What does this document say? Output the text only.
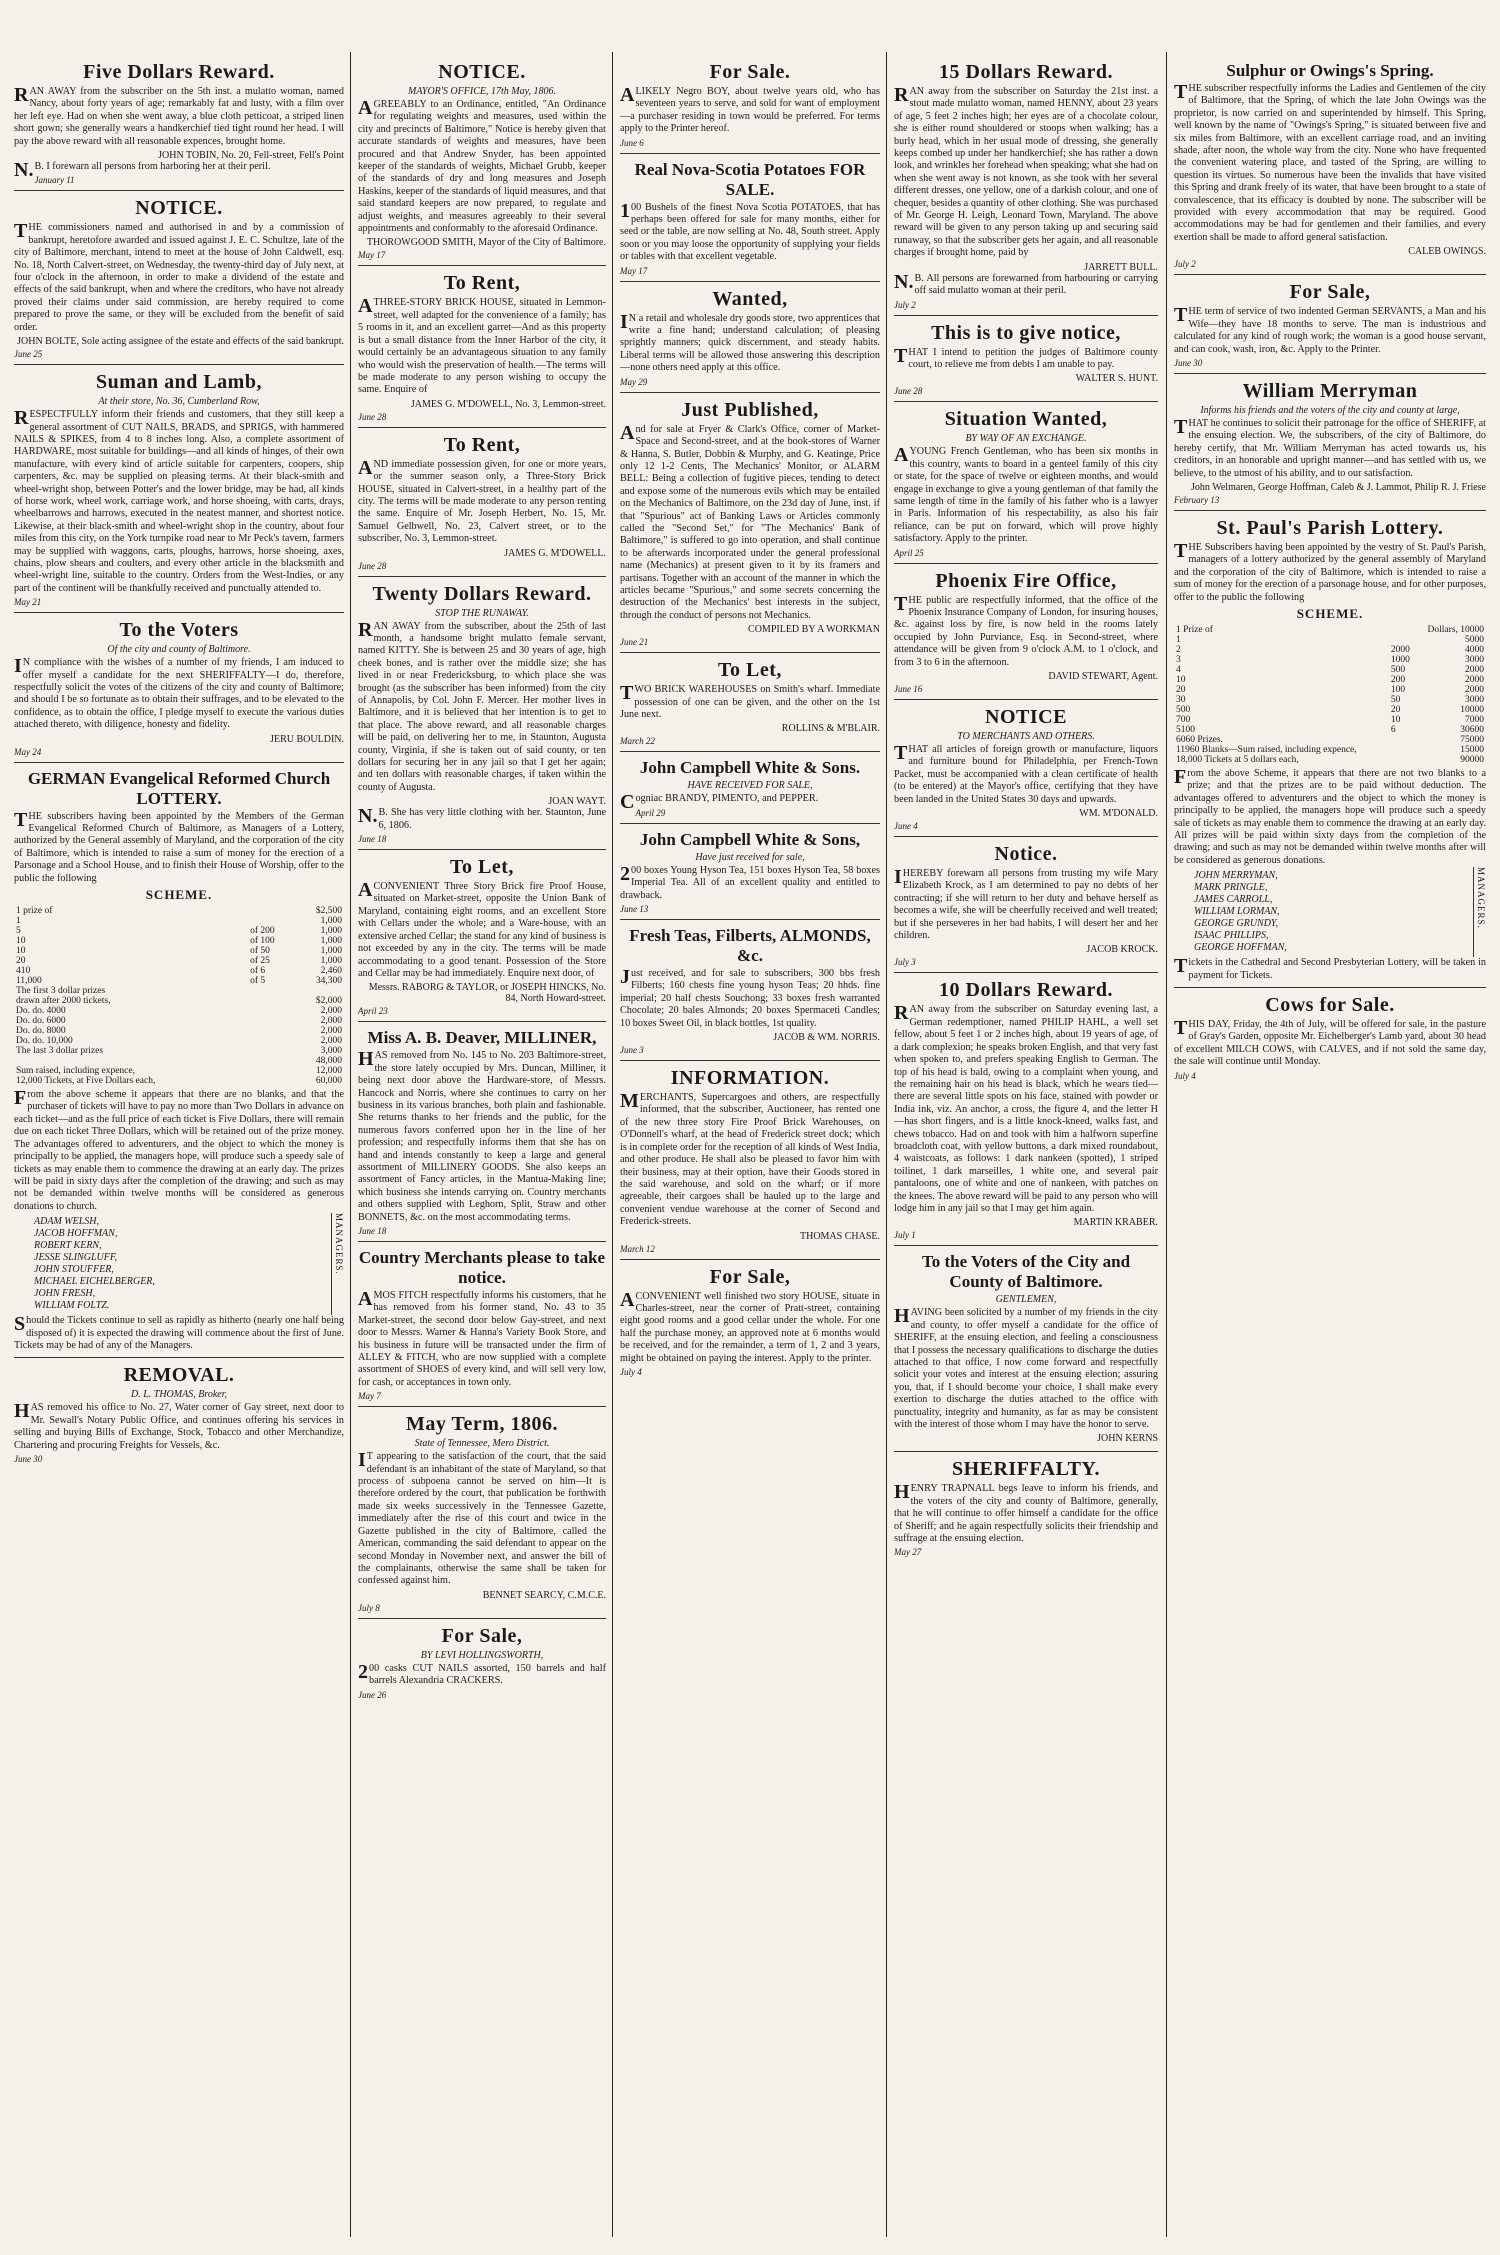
Five Dollars Reward.

RAN AWAY from the subscriber on the 5th inst. a mulatto woman, named Nancy, about forty years of age; remarkably fat and lusty, with a film over her left eye. Had on when she went away, a blue cloth petticoat, a striped linen short gown; she generally wears a handkerchief tied tight round her head. I will pay the above reward with all reasonable expences, brought home.

JOHN TOBIN, No. 20, Fell-street, Fell's Point

N.B. I forewarn all persons from harboring her at their peril.

January 11
NOTICE.

THE commissioners named and authorised in and by a commission of bankrupt, heretofore awarded and issued against J. E. C. Schultze, late of the city of Baltimore, merchant, intend to meet at the house of John Caldwell, esq. No. 18, North Calvert-street, on Wednesday, the twenty-third day of July next, at four o'clock in the afternoon, in order to make a dividend of the estate and effects of the said bankrupt, when and where the creditors, who have not already proved their claims under said commission, are hereby required to come prepared to prove the same, or they will be excluded from the benefit of said order.

JOHN BOLTE, Sole acting assignee of the estate and effects of the said bankrupt.
June 25
Suman and Lamb,
At their store, No. 36, Cumberland Row,

RESPECTFULLY inform their friends and customers, that they still keep a general assortment of CUT NAILS, BRADS, and SPRIGS, with hammered NAILS & SPIKES, from 4 to 8 inches long. Also, a complete assortment of HARDWARE, most suitable for buildings—and all kinds of hinges, of their own manufacture, with every kind of article suitable for carpenters, coopers, ship carpenters, &c. may be supplied on pleasing terms. At their black-smith and wheel-wright shop, between Potter's and the lower bridge, may be had, all kinds of horse work, wheel work, carriage work, and horse shoeing, with carts, drays, wheelbarrows and harrows, executed in the neatest manner, and shortest notice. Likewise, at their black-smith and wheel-wright shop in the country, about four miles from this city, on the York turnpike road near to Mr Peck's tavern, farmers may be supplied with waggons, carts, ploughs, harrows, horse shoeing, axes, chains, plow shears and coulters, and every other article in the blacksmith and wheel-wright line, suitable to the country. Orders from the West-Indies, or any part of the continent will be thankfully received and punctually attended to.

May 21
To the Voters
Of the city and county of Baltimore.

IN compliance with the wishes of a number of my friends, I am induced to offer myself a candidate for the next SHERIFFALTY—I do, therefore, respectfully solicit the votes of the citizens of the city and county of Baltimore; and should I be so fortunate as to obtain their suffrages, and to be elevated to the confidence, as to obtain the office, I pledge myself to execute the various duties attached thereto, with diligence, honesty and fidelity.

JERU BOULDIN.
May 24
GERMAN Evangelical Reformed Church LOTTERY.

THE subscribers having been appointed by the Members of the German Evangelical Reformed Church of Baltimore, as Managers of a Lottery, authorized by the General assembly of Maryland, and the corporation of the city of Baltimore, which is intended to raise a sum of money for the erection of a Parsonage and a School House, and to finish their House of Worship, offer to the public the following

SCHEME.
1 prize of		$2,500
1		1,000
5	of 200	1,000
10	of 100	1,000
10	of 50	1,000
20	of 25	1,000
410	of 6	2,460
11,000	of 5	34,300
The first 3 dollar prizes		
drawn after 2000 tickets,		$2,000
Do. do. 4000		2,000
Do. do. 6000		2,000
Do. do. 8000		2,000
Do. do. 10,000		2,000
The last 3 dollar prizes		3,000
		48,000
Sum raised, including expence,		12,000
12,000 Tickets, at Five Dollars each,		60,000

From the above scheme it appears that there are no blanks, and that the purchaser of tickets will have to pay no more than Two Dollars in advance on each ticket—and as the full price of each ticket is Five Dollars, there will remain due on each ticket Three Dollars, which will be retained out of the prize money. The advantages offered to adventurers, and the object to which the money is principally to be applied, the managers hope, will produce such a speedy sale of tickets as may enable them to commence the drawing at an early day. The prizes will be paid in sixty days after the completion of the drawing; and such as may not be demanded within twelve months will be considered as generous donations to church.

ADAM WELSH,
JACOB HOFFMAN,
ROBERT KERN,
JESSE SLINGLUFF,
JOHN STOUFFER,
MICHAEL EICHELBERGER,
JOHN FRESH,
WILLIAM FOLTZ.
MANAGERS.

Should the Tickets continue to sell as rapidly as hitherto (nearly one half being disposed of) it is expected the drawing will commence about the first of June. Tickets may be had of any of the Managers.

REMOVAL.
D. L. THOMAS, Broker,

HAS removed his office to No. 27, Water corner of Gay street, next door to Mr. Sewall's Notary Public Office, and continues offering his services in selling and buying Bills of Exchange, Stock, Tobacco and other Merchandize, Chartering and procuring Freights for Vessels, &c.

June 30
NOTICE.
MAYOR'S OFFICE, 17th May, 1806.

AGREEABLY to an Ordinance, entitled, "An Ordinance for regulating weights and measures, used within the city and precincts of Baltimore," Notice is hereby given that accurate standards of weights and measures, have been procured and that Andrew Snyder, has been appointed keeper of the standards of weights, Michael Grubb, keeper of the standards of dry and long measures and Joseph Haskins, keeper of the standards of liquid measures, and that said standard keepers are now prepared, to regulate and adjust weights, and measures agreeably to their several appointments and conformably to the aforesaid Ordinance.

THOROWGOOD SMITH, Mayor of the City of Baltimore.
May 17
To Rent,

ATHREE-STORY BRICK HOUSE, situated in Lemmon-street, well adapted for the convenience of a family; has 5 rooms in it, and an excellent garret—And as this property is but a small distance from the Inner Harbor of the city, it would certainly be an advantageous situation to any family who would wish the preservation of health.—The terms will be made moderate to any person wishing to occupy the same. Enquire of

JAMES G. M'DOWELL, No. 3, Lemmon-street.
June 28
To Rent,

AND immediate possession given, for one or more years, or the summer season only, a Three-Story Brick HOUSE, situated in Calvert-street, in a healthy part of the city. The terms will be made moderate to any person renting the same. Enquire of Mr. Joseph Herbert, No. 15, Mr. Samuel Gelbwell, No. 23, Calvert street, or to the subscriber, No. 3, Lemmon-street.

JAMES G. M'DOWELL.
June 28
Twenty Dollars Reward.
STOP THE RUNAWAY.

RAN AWAY from the subscriber, about the 25th of last month, a handsome bright mulatto female servant, named KITTY. She is between 25 and 30 years of age, high cheek bones, and is rather over the middle size; she has lived in or near Fredericksburg, to which place she was brought (as the subscriber has been informed) from the city of Annapolis, by Col. John F. Mercer. Her mother lives in Baltimore, and it is believed that her intention is to get to that place. The above reward, and all reasonable charges will be paid, on delivering her to me, in Staunton, Augusta county, Virginia, if she is taken out of said county, or ten dollars for securing her in any jail so that I get her again; and ten dollars with reasonable charges, if taken within the county of Augusta.

JOAN WAYT.

N.B. She has very little clothing with her. Staunton, June 6, 1806.

June 18
To Let,

ACONVENIENT Three Story Brick fire Proof House, situated on Market-street, opposite the Union Bank of Maryland, containing eight rooms, and an excellent Store with Cellars under the whole; and a Ware-house, with an extensive arched Cellar; the stand for any kind of business is not exceeded by any in the city. The terms will be made accommodating to a good tenant. Possession of the Store and Cellar may be had immediately. Enquire next door, of

Messrs. RABORG & TAYLOR, or JOSEPH HINCKS, No. 84, North Howard-street.
April 23
Miss A. B. Deaver, MILLINER,

HAS removed from No. 145 to No. 203 Baltimore-street, the store lately occupied by Mrs. Duncan, Milliner, it being next door above the Hardware-store, of Messrs. Hancock and Norris, where she continues to carry on her business in its various branches, both plain and fashionable. She returns thanks to her friends and the public, for the numerous favors conferred upon her in the line of her profession; and respectfully informs them that she has on hand and intends constantly to keep a large and general assortment of MILLINERY GOODS. She also keeps an assortment of Fancy articles, in the Mantua-Making line; which business she intends carrying on. Country merchants and others supplied with Leghorn, Split, Straw and other BONNETS, &c. on the most accommodating terms.

June 18
Country Merchants please to take notice.

AMOS FITCH respectfully informs his customers, that he has removed from his former stand, No. 43 to 35 Market-street, the second door below Gay-street, and next door to Messrs. Warner & Hanna's Variety Book Store, and his business in future will be transacted under the firm of ALLEY & FITCH, who are now supplied with a complete assortment of SHOES of every kind, and will sell very low, for cash, or acceptances in town only.

May 7
May Term, 1806.
State of Tennessee, Mero District.

IT appearing to the satisfaction of the court, that the said defendant is an inhabitant of the state of Maryland, so that process of subpoena cannot be served on him—It is therefore ordered by the court, that publication be forthwith made six weeks successively in the Tennessee Gazette, immediately after the rise of this court and twice in the Gazette published in the city of Baltimore, called the American, commanding the said defendant to appear on the second Monday in November next, and answer the bill of the complainants, otherwise the same shall be taken for confessed against him.

BENNET SEARCY, C.M.C.E.
July 8
For Sale,
BY LEVI HOLLINGSWORTH,

200 casks CUT NAILS assorted, 150 barrels and half barrels Alexandria CRACKERS.

June 26
For Sale.

ALIKELY Negro BOY, about twelve years old, who has seventeen years to serve, and sold for want of employment—a purchaser residing in town would be preferred. For terms apply to the Printer hereof.

June 6
Real Nova-Scotia Potatoes FOR SALE.

100 Bushels of the finest Nova Scotia POTATOES, that has perhaps been offered for sale for many months, either for seed or the table, are now selling at No. 48, South street. Apply soon or you may loose the opportunity of supplying your fields or tables with that excellent vegetable.

May 17
Wanted,

IN a retail and wholesale dry goods store, two apprentices that write a fine hand; understand calculation; of pleasing sprightly manners; quick discernment, and steady habits. Liberal terms will be allowed those answering this description—none others need apply at this office.

May 29
Just Published,

And for sale at Fryer & Clark's Office, corner of Market-Space and Second-street, and at the book-stores of Warner & Hanna, S. Butler, Dobbin & Murphy, and G. Keatinge, Price only 12 1-2 Cents, The Mechanics' Monitor, or ALARM BELL: Being a collection of fugitive pieces, tending to detect and expose some of the numerous evils which may be entailed on the Mechanics of Baltimore, on the 23d day of June, inst. if that "Spurious" act of Banking Laws or Articles commonly called the "Second Set," for "The Mechanics' Bank of Baltimore," is suffered to go into operation, and shall continue to be afterwards incorporated under the general professional name (Mechanics) at present given to it by its framers and partisans. Together with an account of the manner in which the articles became "Spurious," and some secrets concerning the destruction of the Mechanics' best interests in the subject, through the conduct of persons not Mechanics.

COMPILED BY A WORKMAN
June 21
To Let,

TWO BRICK WAREHOUSES on Smith's wharf. Immediate possession of one can be given, and the other on the 1st June next.

ROLLINS & M'BLAIR.
March 22
John Campbell White & Sons.
HAVE RECEIVED FOR SALE,

Cogniac BRANDY, PIMENTO, and PEPPER.

April 29
John Campbell White & Sons,
Have just received for sale,

200 boxes Young Hyson Tea, 151 boxes Hyson Tea, 58 boxes Imperial Tea. All of an excellent quality and entitled to drawback.

June 13
Fresh Teas, Filberts, ALMONDS, &c.

Just received, and for sale to subscribers, 300 bbs fresh Filberts; 160 chests fine young hyson Teas; 20 hhds. fine imperial; 20 half chests Souchong; 33 boxes fresh warranted Chocolate; 20 bales Almonds; 20 boxes Spermaceti Candles; 10 boxes Sweet Oil, in black bottles, 1st quality.

JACOB & WM. NORRIS.
June 3
INFORMATION.

MERCHANTS, Supercargoes and others, are respectfully informed, that the subscriber, Auctioneer, has rented one of the new three story Fire Proof Brick Warehouses, on O'Donnell's wharf, at the head of Frederick street dock; which is in complete order for the reception of all kinds of West India, and other produce. He shall also be pleased to favor him with their business, may at their option, have their Goods stored in the said warehouse, and sold on the wharf; or if more agreeable, their cargoes shall be hauled up to the large and convenient vendue warehouse at the corner of Second and Frederick-streets.

THOMAS CHASE.
March 12
For Sale,

ACONVENIENT well finished two story HOUSE, situate in Charles-street, near the corner of Pratt-street, containing eight good rooms and a good cellar under the whole. For one half the purchase money, an approved note at 6 months would be received, and for the remainder, a term of 1, 2 and 3 years, might be obtained on paying the interest. Apply to the printer.

July 4
15 Dollars Reward.

RAN away from the subscriber on Saturday the 21st inst. a stout made mulatto woman, named HENNY, about 23 years of age, 5 feet 2 inches high; her eyes are of a chocolate colour, she is either round shouldered or stoops when walking; has a burly head, which in her usual mode of dressing, she generally keeps combed up under her handkerchief; she has rather a down look, and wrinkles her forehead when speaking; what she had on when she went away is not known, as she took with her several different dresses, one yellow, one of a darkish colour, and one of chequer, besides a quantity of other clothing. She was purchased of Mr. George H. Leigh, Leonard Town, Maryland. The above reward will be given to any person taking up and securing said runaway, so that the subscriber gets her again, and all reasonable charges if brought home, paid by

JARRETT BULL.

N.B. All persons are forewarned from harbouring or carrying off said mulatto woman at their peril.

July 2
This is to give notice,

THAT I intend to petition the judges of Baltimore county court, to relieve me from debts I am unable to pay.

WALTER S. HUNT.
June 28
Situation Wanted,
BY WAY OF AN EXCHANGE.

AYOUNG French Gentleman, who has been six months in this country, wants to board in a genteel family of this city or state, for the space of twelve or eighteen months, and would engage in exchange to give a young gentleman of that family the same length of time in the family of his father who is a lawyer in Paris. Information of his respectability, as also his fair reliance, can be put on forward, which will prove highly satisfactory. Apply to the printer.

April 25
Phoenix Fire Office,

THE public are respectfully informed, that the office of the Phoenix Insurance Company of London, for insuring houses, &c. against loss by fire, is now held in the rooms lately occupied by John Purviance, Esq. in Second-street, where attendance will be given from 9 o'clock A.M. to 1 o'clock, and from 3 to 6 in the afternoon.

DAVID STEWART, Agent.
June 16
NOTICE
TO MERCHANTS AND OTHERS.

THAT all articles of foreign growth or manufacture, liquors and furniture bound for Philadelphia, per French-Town Packet, must be accompanied with a clean certificate of health (to be entered) at the Mayor's office, certifying that they have been landed in the United States 30 days and upwards.

WM. M'DONALD.
June 4
Notice.

IHEREBY forewarn all persons from trusting my wife Mary Elizabeth Krock, as I am determined to pay no debts of her contracting; if she will return to her duty and behave herself as becomes a wife, she will be cheerfully received and well treated; but if she perseveres in her bad habits, I will desert her and her children.

JACOB KROCK.
July 3
10 Dollars Reward.

RAN away from the subscriber on Saturday evening last, a German redemptioner, named PHILIP HAHL, a well set fellow, about 5 feet 1 or 2 inches high, about 19 years of age, of a dark complexion; he speaks broken English, and that very fast when spoken to, and prefers speaking English to German. The top of his head is bald, owing to a complaint when young, and the remaining hair on his head is black, which he wears tied—there are several little spots on his face, stained with powder or India ink, viz. An anchor, a cross, the figure 4, and the letter H—has short fingers, and is a little knock-kneed, walks fast, and chews tobacco. Had on and took with him a halfworn superfine broadcloth coat, with yellow buttons, a dark mixed roundabout, 4 waistcoats, as follows: 1 dark nankeen (spotted), 1 striped toilinet, 1 dark marseilles, 1 white one, and several pair pantaloons, one of white and one of nankeen, with patches on the knees. The above reward will be paid to any person who will lodge him in any jail so that I may get him again.

MARTIN KRABER.
July 1
To the Voters of the City and County of Baltimore.
GENTLEMEN,

HAVING been solicited by a number of my friends in the city and county, to offer myself a candidate for the office of SHERIFF, at the ensuing election, and feeling a consciousness that I possess the necessary qualifications to discharge the duties attached to that office, I now come forward and respectfully solicit your votes and interest at the ensuing election; assuring you, that, if I should become your choice, I shall make every exertion to discharge the duties attached to the office with punctuality, integrity and humanity, as far as may be consistent with the interest of those whom I may have the honor to serve.

JOHN KERNS
SHERIFFALTY.

HENRY TRAPNALL begs leave to inform his friends, and the voters of the city and county of Baltimore, generally, that he will continue to offer himself a candidate for the office of Sheriff; and he again respectfully solicits their friendship and suffrage at the ensuing election.

May 27
Sulphur or Owings's Spring.

THE subscriber respectfully informs the Ladies and Gentlemen of the city of Baltimore, that the Spring, of which the late John Owings was the proprietor, is now carried on and superintended by himself. This Spring, well known by the name of "Owings's Spring," is situated between five and six miles from Baltimore, with an excellent carriage road, and an inviting shade, after noon, the whole way from the city. None who have frequented the convenient watering place, and tasted of the Spring, are willing to question its virtues. So numerous have been the invalids that have visited this Spring and drank freely of its water, that have been brought to a state of convalescence, that its efficacy is doubted by none. The subscriber will be provided with every accommodation that may be required. Good accommodations may be had for gentlemen and their families, and every exertion shall be made to afford general satisfaction.

CALEB OWINGS.
July 2
For Sale,

THE term of service of two indented German SERVANTS, a Man and his Wife—they have 18 months to serve. The man is industrious and calculated for any kind of rough work; the woman is a good house servant, and can cook, wash, iron, &c. Apply to the Printer.

June 30
William Merryman
Informs his friends and the voters of the city and county at large,

THAT he continues to solicit their patronage for the office of SHERIFF, at the ensuing election. We, the subscribers, of the city of Baltimore, do hereby certify, that Mr. William Merryman has acted towards us, his creditors, in an honorable and upright manner—and has settled with us, we believe, to the utmost of his ability, and to our satisfaction.

John Welmaren, George Hoffman, Caleb & J. Lammot, Philip R. J. Friese
February 13
St. Paul's Parish Lottery.

THE Subscribers having been appointed by the vestry of St. Paul's Parish, managers of a lottery authorized by the general assembly of Maryland and the corporation of the city of Baltimore, which is intended to raise a sum of money for the erection of a parsonage house, and for other purposes, offer to the public the following

SCHEME.
1 Prize of		Dollars, 10000
1		5000
2	2000	4000
3	1000	3000
4	500	2000
10	200	2000
20	100	2000
30	50	3000
500	20	10000
700	10	7000
5100	6	30600
6060 Prizes.		75000
11960 Blanks—Sum raised, including expence,		15000
18,000 Tickets at 5 dollars each,		90000

From the above Scheme, it appears that there are not two blanks to a prize; and that the prizes are to be paid without deduction. The advantages offered to adventurers and the object to which the money is principally to be applied, the managers hope will produce such a speedy sale of tickets as may enable them to commence the drawing at an early day. All prizes will be paid within sixty days from the completion of the drawing; and such as may not be demanded within twelve months after will be considered as generous donations.

JOHN MERRYMAN,
MARK PRINGLE,
JAMES CARROLL,
WILLIAM LORMAN,
GEORGE GRUNDY,
ISAAC PHILLIPS,
GEORGE HOFFMAN,
MANAGERS.

Tickets in the Cathedral and Second Presbyterian Lottery, will be taken in payment for Tickets.

Cows for Sale.

THIS DAY, Friday, the 4th of July, will be offered for sale, in the pasture of Gray's Garden, opposite Mr. Eichelberger's Lamb yard, about 30 head of excellent MILCH COWS, with CALVES, and if not sold the same day, the sale will continue until Monday.

July 4
